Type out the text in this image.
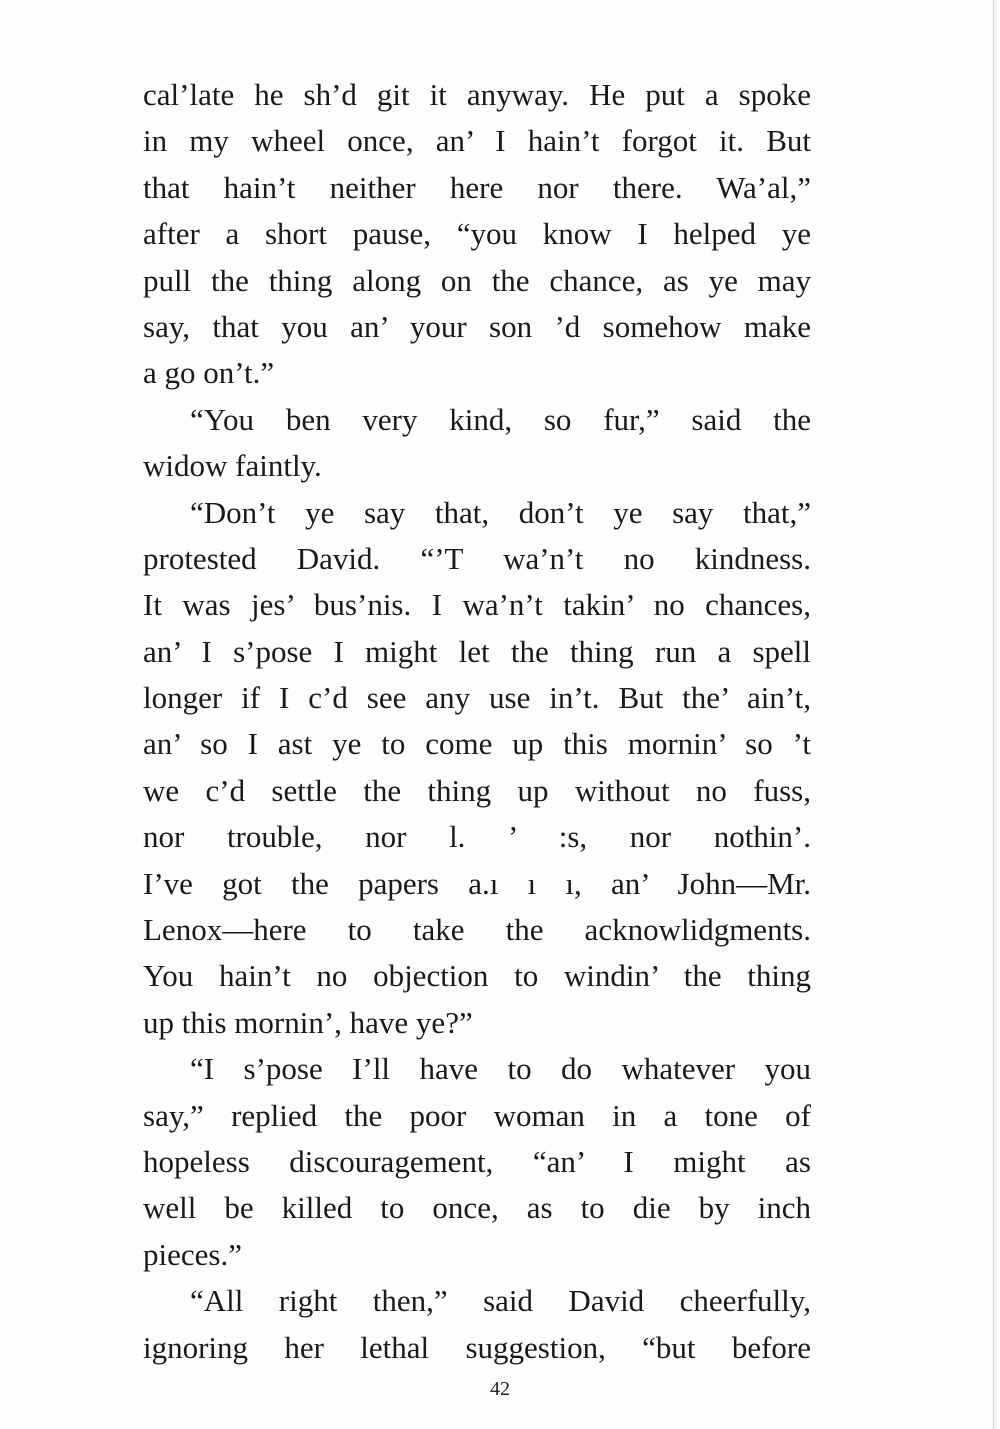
cal’late he sh’d git it anyway. He put a spoke
in my wheel once, an’ I hain’t forgot it. But
that hain’t neither here nor there. Wa’al,”
after a short pause, “you know I helped ye
pull the thing along on the chance, as ye may
say, that you an’ your son ’d somehow make
a go on’t.”
“You ben very kind, so fur,” said the
widow faintly.
“Don’t ye say that, don’t ye say that,”
protested David. “’T wa’n’t no kindness.
It was jes’ bus’nis. I wa’n’t takin’ no chances,
an’ I s’pose I might let the thing run a spell
longer if I c’d see any use in’t. But the’ ain’t,
an’ so I ast ye to come up this mornin’ so ’t
we c’d settle the thing up without no fuss,
nor trouble, nor l. ’ :s, nor nothin’.
I’ve got the papers a.ı ı ı, an’ John—Mr.
Lenox—here to take the acknowlidgments.
You hain’t no objection to windin’ the thing
up this mornin’, have ye?”
“I s’pose I’ll have to do whatever you
say,” replied the poor woman in a tone of
hopeless discouragement, “an’ I might as
well be killed to once, as to die by inch
pieces.”
“All right then,” said David cheerfully,
ignoring her lethal suggestion, “but before
42
